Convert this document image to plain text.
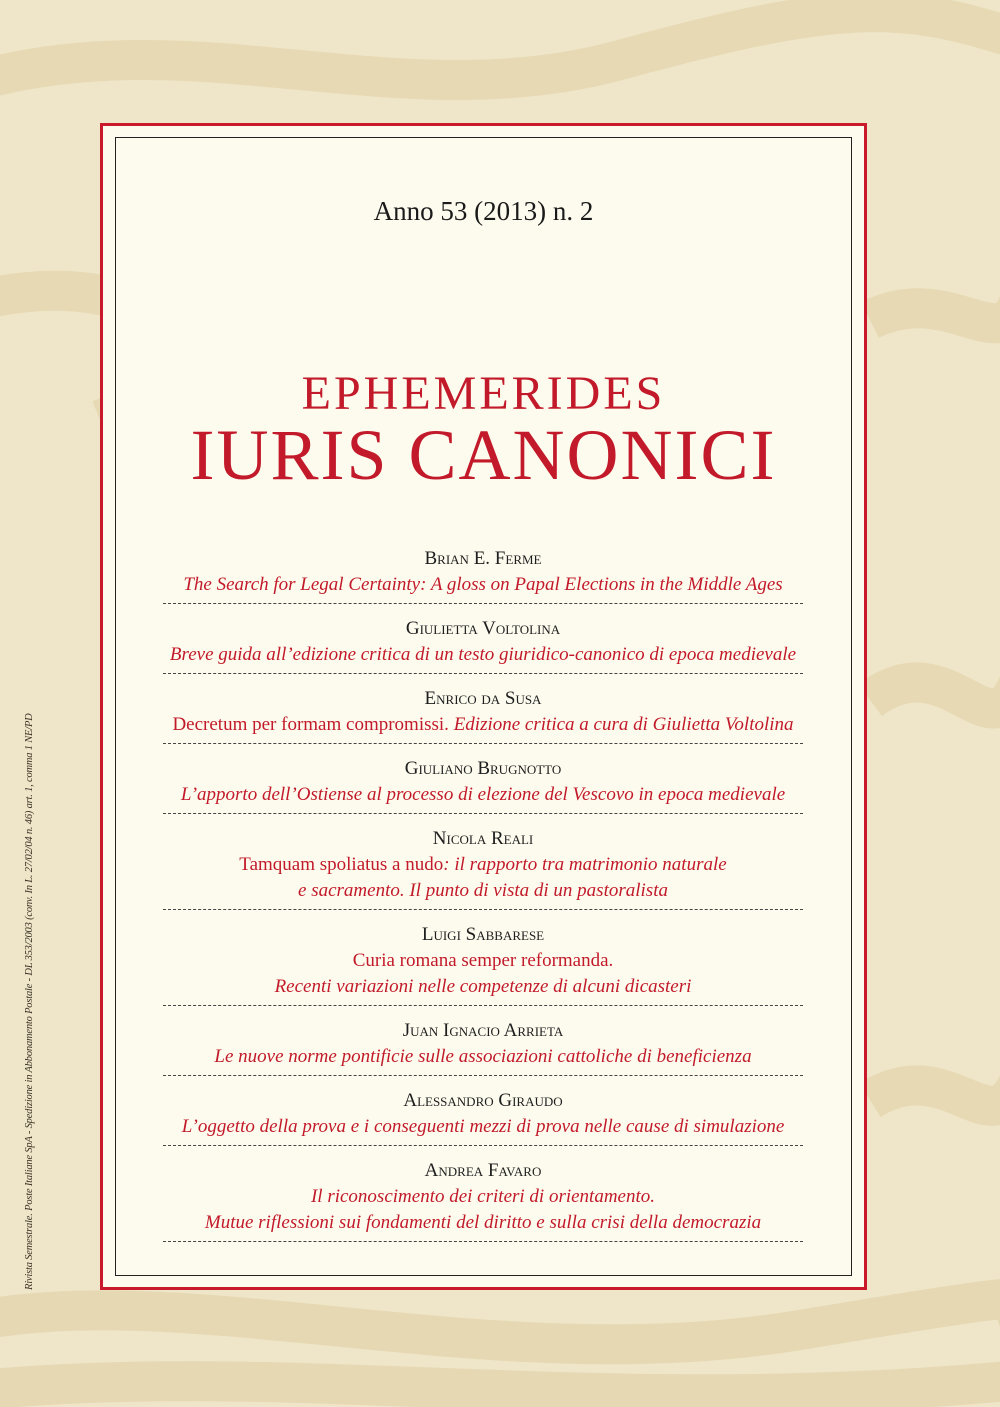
Rivista Semestrale. Poste Italiane SpA - Spedizione in Abbonamento Postale - DL 353/2003 (conv. In L. 27/02/04 n. 46) art. 1, comma 1 NE/PD
Anno 53 (2013) n. 2
EPHEMERIDES
IURIS CANONICI
Brian E. Ferme
The Search for Legal Certainty: A gloss on Papal Elections in the Middle Ages
Giulietta Voltolina
Breve guida all’edizione critica di un testo giuridico-canonico di epoca medievale
Enrico da Susa
Decretum per formam compromissi. Edizione critica a cura di Giulietta Voltolina
Giuliano Brugnotto
L’apporto dell’Ostiense al processo di elezione del Vescovo in epoca medievale
Nicola Reali
Tamquam spoliatus a nudo: il rapporto tra matrimonio naturale
e sacramento. Il punto di vista di un pastoralista
Luigi Sabbarese
Curia romana semper reformanda.
Recenti variazioni nelle competenze di alcuni dicasteri
Juan Ignacio Arrieta
Le nuove norme pontificie sulle associazioni cattoliche di beneficienza
Alessandro Giraudo
L’oggetto della prova e i conseguenti mezzi di prova nelle cause di simulazione
Andrea Favaro
Il riconoscimento dei criteri di orientamento.
Mutue riflessioni sui fondamenti del diritto e sulla crisi della democrazia
